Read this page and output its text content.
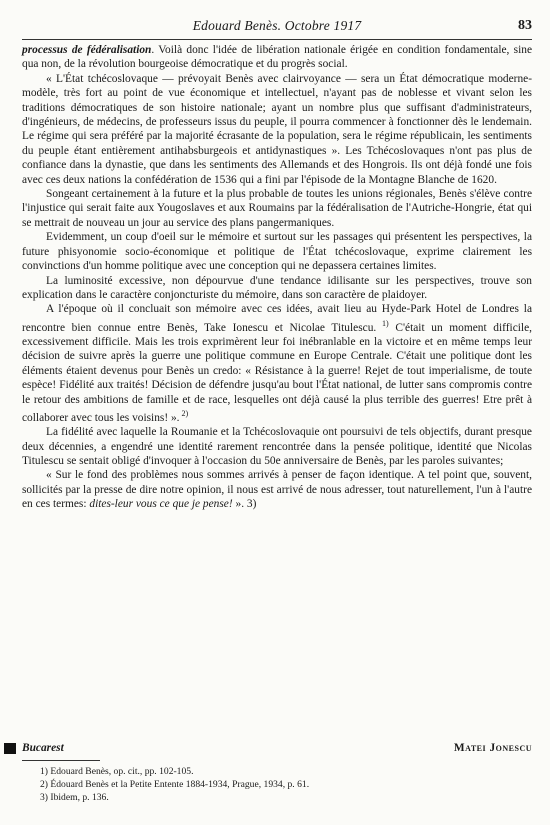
Edouard Benès. Octobre 1917	83

processus de fédéralisation. Voilà donc l'idée de libération nationale érigée en condition fondamentale, sine qua non, de la révolution bourgeoise démocratique et du progrès social.

« L'État tchécoslovaque — prévoyait Benès avec clairvoyance — sera un État démocratique moderne-modèle, très fort au point de vue économique et intellectuel, n'ayant pas de noblesse et vivant selon les traditions démocratiques de son histoire nationale; ayant un nombre plus que suffisant d'administrateurs, d'ingénieurs, de médecins, de professeurs issus du peuple, il pourra commencer à fonctionner dès le lendemain. Le régime qui sera préféré par la majorité écrasante de la population, sera le régime républicain, les sentiments du peuple étant entièrement antihabsburgeois et antidynastiques ». Les Tchécoslovaques n'ont pas plus de confiance dans la dynastie, que dans les sentiments des Allemands et des Hongrois. Ils ont déjà fondé une fois avec ces deux nations la confédération de 1536 qui a fini par l'épisode de la Montagne Blanche de 1620.

Songeant certainement à la future et la plus probable de toutes les unions régionales, Benès s'élève contre l'injustice qui serait faite aux Yougoslaves et aux Roumains par la fédéralisation de l'Autriche-Hongrie, état qui se mettrait de nouveau un jour au service des plans pangermaniques.

Evidemment, un coup d'oeil sur le mémoire et surtout sur les passages qui présentent les perspectives, la future phisyonomie socio-économique et politique de l'État tchécoslovaque, exprime clairement les convinctions d'un homme politique avec une conception qui ne depassera certaines limites.

La luminosité excessive, non dépourvue d'une tendance idilisante sur les perspectives, trouve son explication dans le caractère conjoncturiste du mémoire, dans son caractère de plaidoyer.

A l'époque où il concluait son mémoire avec ces idées, avait lieu au Hyde-Park Hotel de Londres la rencontre bien connue entre Benès, Take Ionescu et Nicolae Titulescu. $^{1)}$ C'était un moment difficile, excessivement difficile. Mais les trois exprimèrent leur foi inébranlable en la victoire et en même temps leur décision de suivre après la guerre une politique commune en Europe Centrale. C'était une politique dont les éléments étaient devenus pour Benès un credo: « Résistance à la guerre! Rejet de tout imperialisme, de toute espèce! Fidélité aux traités! Décision de défendre jusqu'au bout l'État national, de lutter sans compromis contre le retour des ambitions de famille et de race, lesquelles ont déjà causé la plus terrible des guerres! Etre prêt à collaborer avec tous les voisins! ». $^{2)}$

La fidélité avec laquelle la Roumanie et la Tchécoslovaquie ont poursuivi de tels objectifs, durant presque deux décennies, a engendré une identité rarement rencontrée dans la pensée politique, identité que Nicolas Titulescu se sentait obligé d'invoquer à l'occasion du 50e anniversaire de Benès, par les paroles suivantes;

« Sur le fond des problèmes nous sommes arrivés à penser de façon identique. A tel point que, souvent, sollicités par la presse de dire notre opinion, il nous est arrivé de nous adresser, tout naturellement, l'un à l'autre en ces termes: dites-leur vous ce que je pense! ». 3)

Bucarest	Matei Jonescu
1) Edouard Benès, op. cit., pp. 102-105.
2) Édouard Benès et la Petite Entente 1884-1934, Prague, 1934, p. 61.
3) Ibidem, p. 136.
